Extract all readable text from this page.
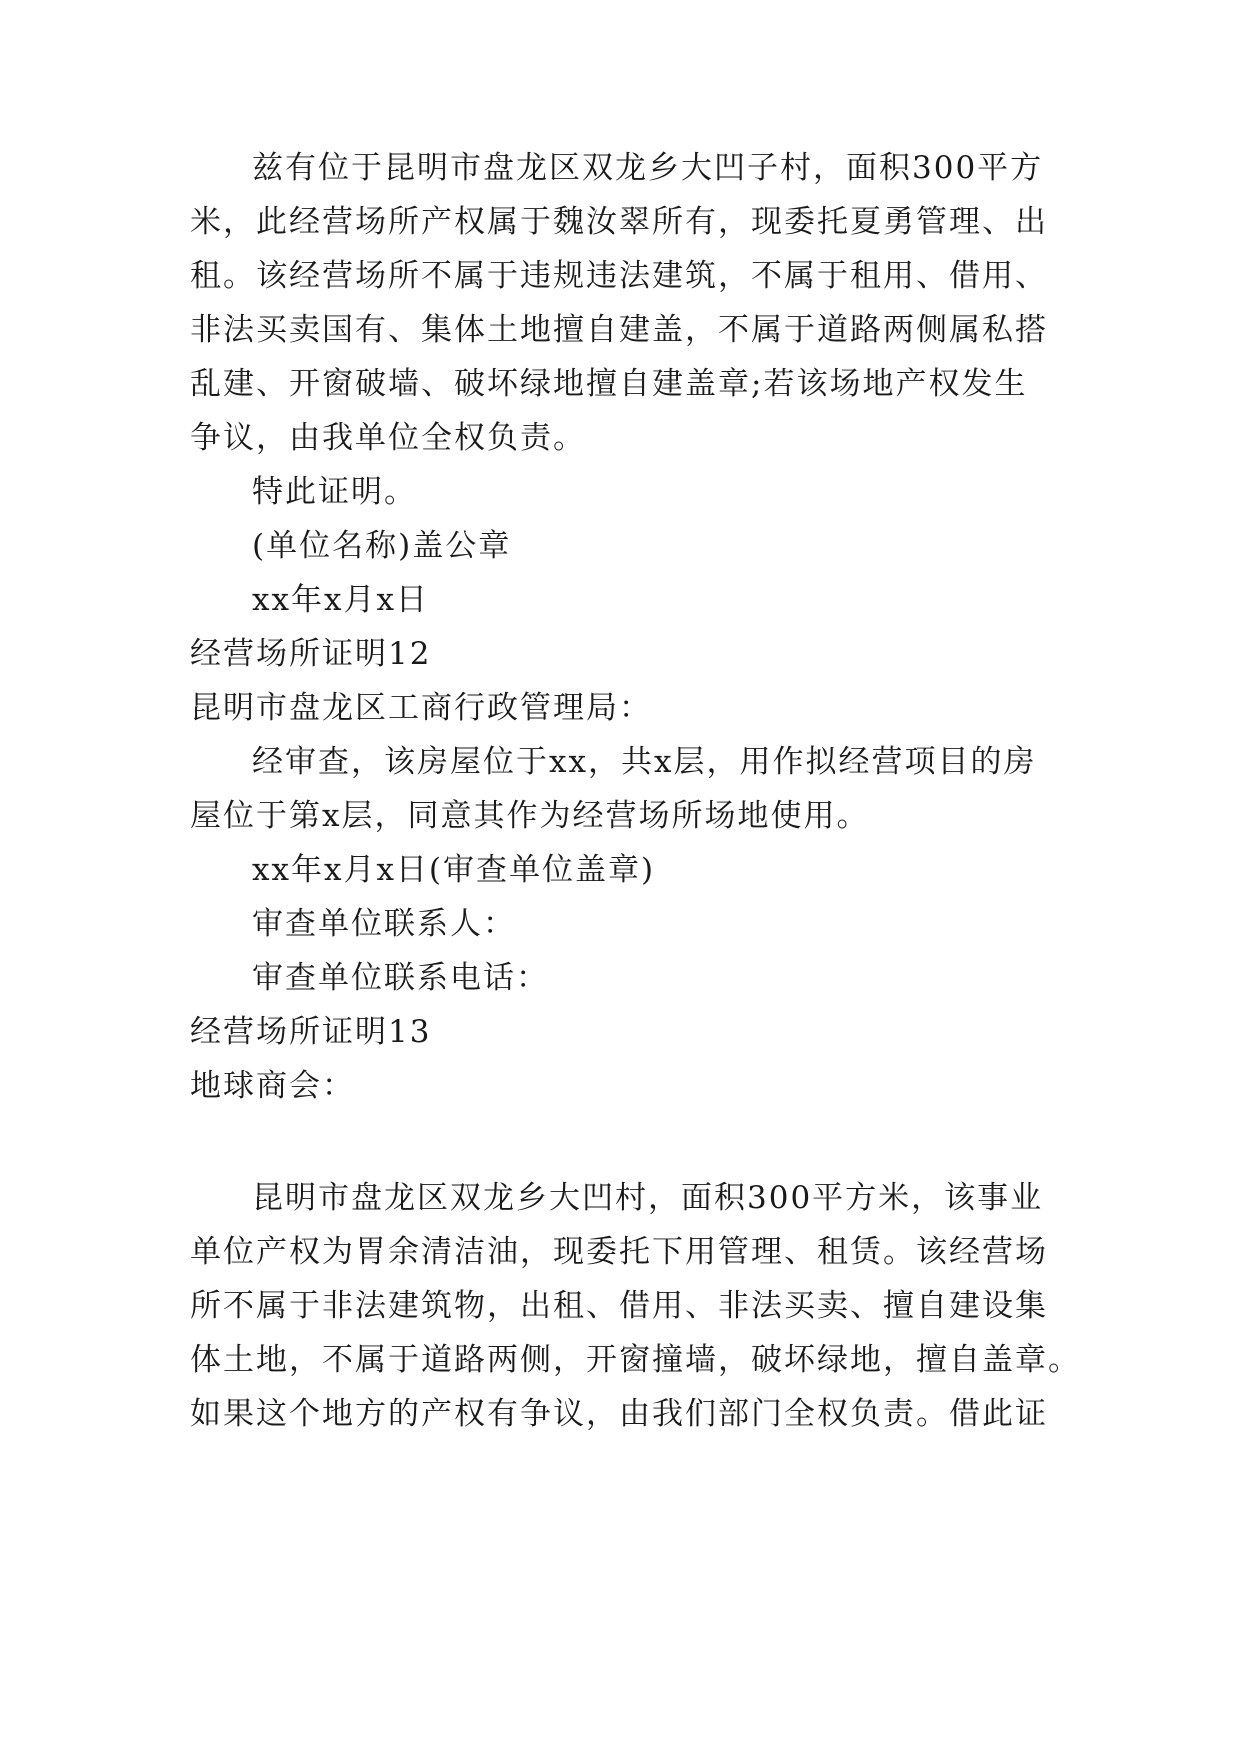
兹有位于昆明市盘龙区双龙乡大凹子村，面积300平方
米，此经营场所产权属于魏汝翠所有，现委托夏勇管理、出
租。该经营场所不属于违规违法建筑，不属于租用、借用、
非法买卖国有、集体土地擅自建盖，不属于道路两侧属私搭
乱建、开窗破墙、破坏绿地擅自建盖章;若该场地产权发生
争议，由我单位全权负责。
特此证明。
(单位名称)盖公章
xx年x月x日
经营场所证明12
昆明市盘龙区工商行政管理局：
经审查，该房屋位于xx，共x层，用作拟经营项目的房
屋位于第x层，同意其作为经营场所场地使用。
xx年x月x日(审查单位盖章)
审查单位联系人：
审查单位联系电话：
经营场所证明13
地球商会：
昆明市盘龙区双龙乡大凹村，面积300平方米，该事业
单位产权为胃余清洁油，现委托下用管理、租赁。该经营场
所不属于非法建筑物，出租、借用、非法买卖、擅自建设集
体土地，不属于道路两侧，开窗撞墙，破坏绿地，擅自盖章。
如果这个地方的产权有争议，由我们部门全权负责。借此证
